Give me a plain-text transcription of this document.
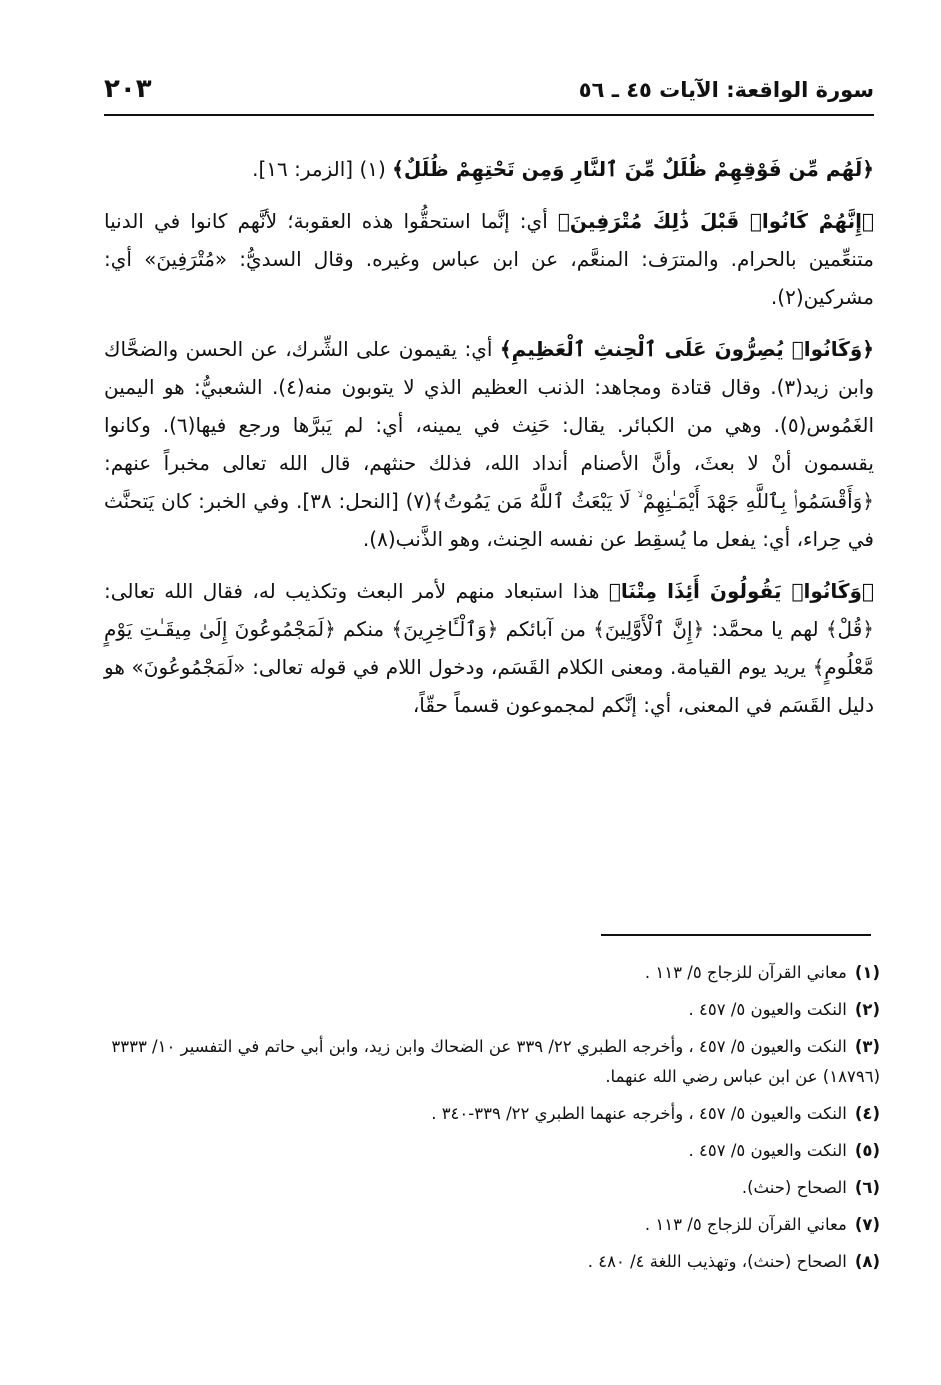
سورة الواقعة: الآيات ٤٥ ـ ٥٦
٢٠٣

﴿لَهُم مِّن فَوْقِهِمْ ظُلَلٌ مِّنَ ٱلنَّارِ وَمِن تَحْتِهِمْ ظُلَلٌ﴾ (١) [الزمر: ١٦].

﴿إِنَّهُمْ كَانُوا۟ قَبْلَ ذَٰلِكَ مُتْرَفِينَ﴾ أي: إنَّما استحقُّوا هذه العقوبة؛ لأنَّهم كانوا في الدنيا متنعِّمين بالحرام. والمترَف: المنعَّم، عن ابن عباس وغيره. وقال السديُّ: «مُتْرَفِينَ» أي: مشركين(٢).

﴿وَكَانُوا۟ يُصِرُّونَ عَلَى ٱلْحِنثِ ٱلْعَظِيمِ﴾ أي: يقيمون على الشِّرك، عن الحسن والضحَّاك وابن زيد(٣). وقال قتادة ومجاهد: الذنب العظيم الذي لا يتوبون منه(٤). الشعبيُّ: هو اليمين الغَمُوس(٥). وهي من الكبائر. يقال: حَنِث في يمينه، أي: لم يَبرَّها ورجع فيها(٦). وكانوا يقسمون أنْ لا بعثَ، وأنَّ الأصنام أنداد الله، فذلك حنثهم، قال الله تعالى مخبراً عنهم: ﴿وَأَقْسَمُوا۟ بِٱللَّهِ جَهْدَ أَيْمَـٰنِهِمْ ۙ لَا يَبْعَثُ ٱللَّهُ مَن يَمُوتُ﴾(٧) [النحل: ٣٨]. وفي الخبر: كان يَتحنَّث في حِراء، أي: يفعل ما يُسقِط عن نفسه الحِنث، وهو الذَّنب(٨).

﴿وَكَانُوا۟ يَقُولُونَ أَئِذَا مِتْنَا﴾ هذا استبعاد منهم لأمر البعث وتكذيب له، فقال الله تعالى: ﴿قُلْ﴾ لهم يا محمَّد: ﴿إِنَّ ٱلْأَوَّلِينَ﴾ من آبائكم ﴿وَٱلْـَٔاخِرِينَ﴾ منكم ﴿لَمَجْمُوعُونَ إِلَىٰ مِيقَـٰتِ يَوْمٍ مَّعْلُومٍ﴾ يريد يوم القيامة. ومعنى الكلام القَسَم، ودخول اللام في قوله تعالى: «لَمَجْمُوعُونَ» هو دليل القَسَم في المعنى، أي: إنَّكم لمجموعون قسماً حقّاً،

(١)معاني القرآن للزجاج ٥/ ١١٣ .
(٢)النكت والعيون ٥/ ٤٥٧ .
(٣)النكت والعيون ٥/ ٤٥٧ ، وأخرجه الطبري ٢٢/ ٣٣٩ عن الضحاك وابن زيد، وابن أبي حاتم في التفسير ١٠/ ٣٣٣٣ (١٨٧٩٦) عن ابن عباس رضي الله عنهما.
(٤)النكت والعيون ٥/ ٤٥٧ ، وأخرجه عنهما الطبري ٢٢/ ٣٣٩-٣٤٠ .
(٥)النكت والعيون ٥/ ٤٥٧ .
(٦)الصحاح (حنث).
(٧)معاني القرآن للزجاج ٥/ ١١٣ .
(٨)الصحاح (حنث)، وتهذيب اللغة ٤/ ٤٨٠ .
